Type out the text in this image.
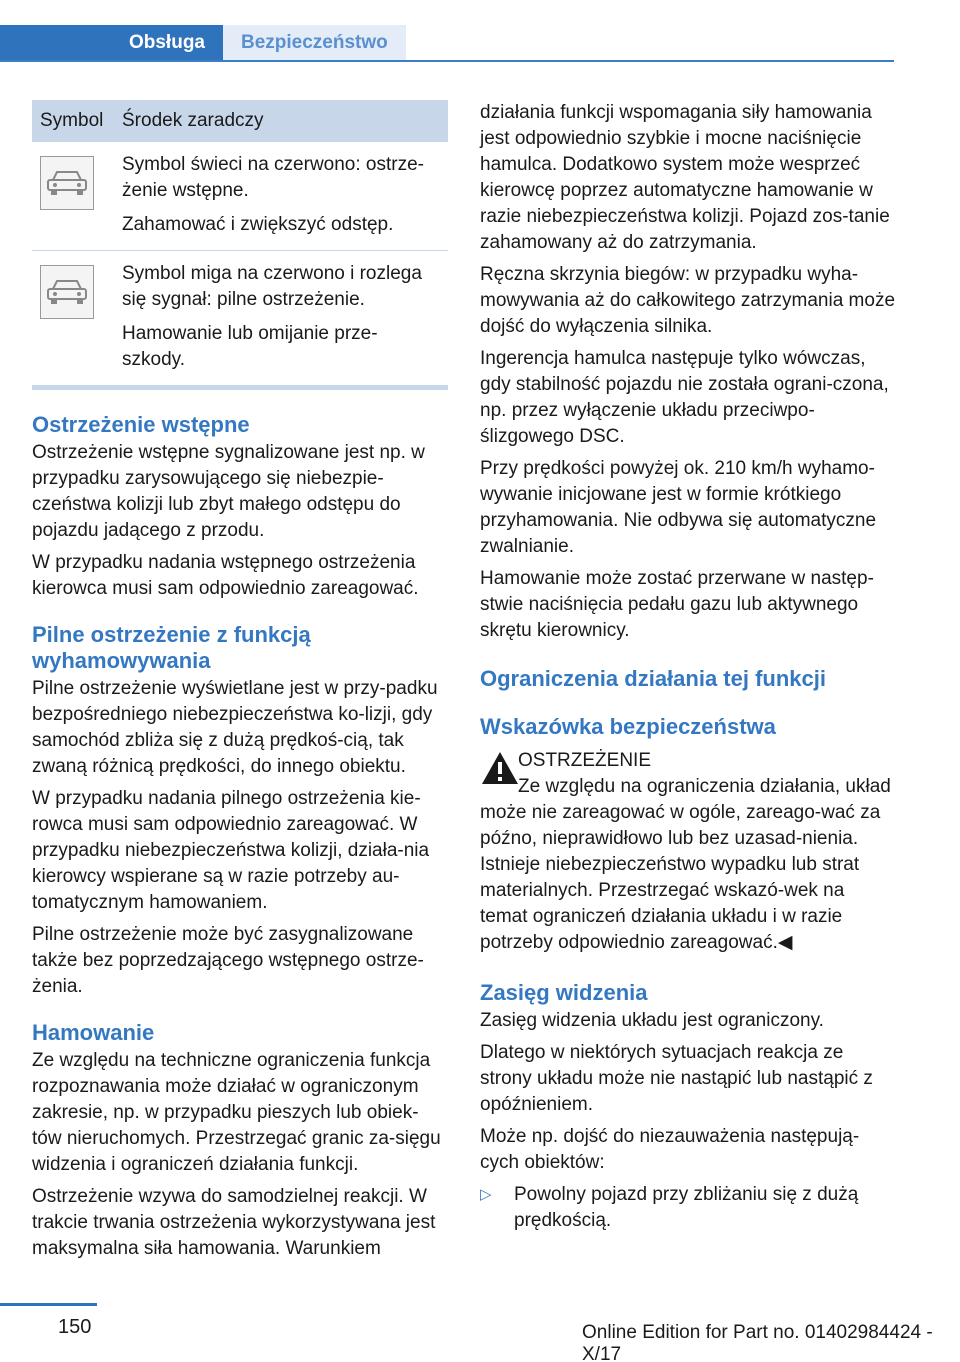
Obsługa	Bezpieczeństwo
Symbol	Środek zaradczy

Symbol świeci na czerwono: ostrze-żenie wstępne.

Zahamować i zwiększyć odstęp.

Symbol miga na czerwono i rozlega się sygnał: pilne ostrzeżenie.

Hamowanie lub omijanie prze-szkody.

Ostrzeżenie wstępne

Ostrzeżenie wstępne sygnalizowane jest np. w przypadku zarysowującego się niebezpie-czeństwa kolizji lub zbyt małego odstępu do pojazdu jadącego z przodu.

W przypadku nadania wstępnego ostrzeżenia kierowca musi sam odpowiednio zareagować.

Pilne ostrzeżenie z funkcją wyhamowywania

Pilne ostrzeżenie wyświetlane jest w przy-padku bezpośredniego niebezpieczeństwa ko-lizji, gdy samochód zbliża się z dużą prędkoś-cią, tak zwaną różnicą prędkości, do innego obiektu.

W przypadku nadania pilnego ostrzeżenia kie-rowca musi sam odpowiednio zareagować. W przypadku niebezpieczeństwa kolizji, działa-nia kierowcy wspierane są w razie potrzeby au-tomatycznym hamowaniem.

Pilne ostrzeżenie może być zasygnalizowane także bez poprzedzającego wstępnego ostrze-żenia.

Hamowanie

Ze względu na techniczne ograniczenia funkcja rozpoznawania może działać w ograniczonym zakresie, np. w przypadku pieszych lub obiek-tów nieruchomych. Przestrzegać granic za-sięgu widzenia i ograniczeń działania funkcji.

Ostrzeżenie wzywa do samodzielnej reakcji. W trakcie trwania ostrzeżenia wykorzystywana jest maksymalna siła hamowania. Warunkiem

działania funkcji wspomagania siły hamowania jest odpowiednio szybkie i mocne naciśnięcie hamulca. Dodatkowo system może wesprzeć kierowcę poprzez automatyczne hamowanie w razie niebezpieczeństwa kolizji. Pojazd zos-tanie zahamowany aż do zatrzymania.

Ręczna skrzynia biegów: w przypadku wyha-mowywania aż do całkowitego zatrzymania może dojść do wyłączenia silnika.

Ingerencja hamulca następuje tylko wówczas, gdy stabilność pojazdu nie została ograni-czona, np. przez wyłączenie układu przeciwpo-ślizgowego DSC.

Przy prędkości powyżej ok. 210 km/h wyhamo-wywanie inicjowane jest w formie krótkiego przyhamowania. Nie odbywa się automatyczne zwalnianie.

Hamowanie może zostać przerwane w następ-stwie naciśnięcia pedału gazu lub aktywnego skrętu kierownicy.

Ograniczenia działania tej funkcji
Wskazówka bezpieczeństwa

OSTRZEŻENIE

Ze względu na ograniczenia działania, układ może nie zareagować w ogóle, zareago-wać za późno, nieprawidłowo lub bez uzasad-nienia. Istnieje niebezpieczeństwo wypadku lub strat materialnych. Przestrzegać wskazó-wek na temat ograniczeń działania układu i w razie potrzeby odpowiednio zareagować.◀

Zasięg widzenia

Zasięg widzenia układu jest ograniczony.

Dlatego w niektórych sytuacjach reakcja ze strony układu może nie nastąpić lub nastąpić z opóźnieniem.

Może np. dojść do niezauważenia następują-cych obiektów:

▷ Powolny pojazd przy zbliżaniu się z dużą prędkością.
150	Online Edition for Part no. 01402984424 - X/17
